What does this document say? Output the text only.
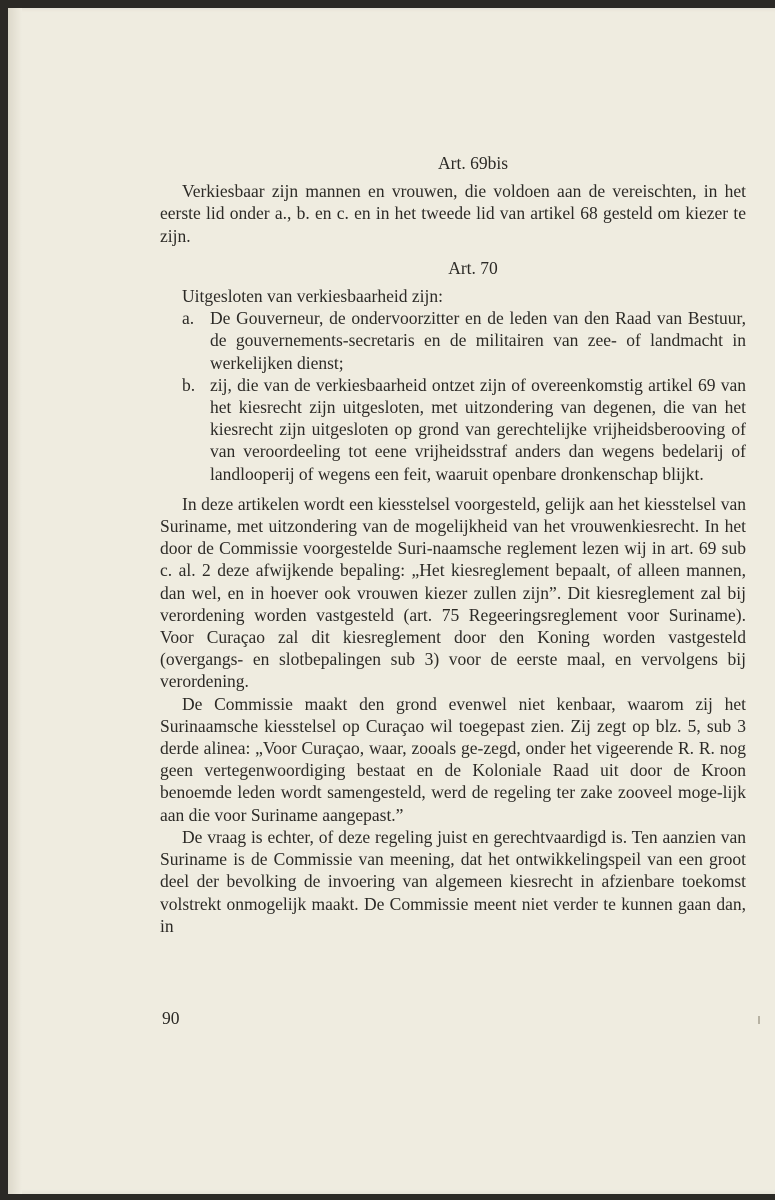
Art. 69bis

Verkiesbaar zijn mannen en vrouwen, die voldoen aan de vereischten, in het eerste lid onder a., b. en c. en in het tweede lid van artikel 68 gesteld om kiezer te zijn.

Art. 70

Uitgesloten van verkiesbaarheid zijn:

a. De Gouverneur, de ondervoorzitter en de leden van den Raad van Bestuur, de gouvernements-secretaris en de militairen van zee- of landmacht in werkelijken dienst;
b. zij, die van de verkiesbaarheid ontzet zijn of overeenkomstig artikel 69 van het kiesrecht zijn uitgesloten, met uitzondering van degenen, die van het kiesrecht zijn uitgesloten op grond van gerechtelijke vrijheidsberooving of van veroordeeling tot eene vrijheidsstraf anders dan wegens bedelarij of landlooperij of wegens een feit, waaruit openbare dronkenschap blijkt.

In deze artikelen wordt een kiesstelsel voorgesteld, gelijk aan het kiesstelsel van Suriname, met uitzondering van de mogelijkheid van het vrouwenkiesrecht. In het door de Commissie voorgestelde Suri-naamsche reglement lezen wij in art. 69 sub c. al. 2 deze afwijkende bepaling: „Het kiesreglement bepaalt, of alleen mannen, dan wel, en in hoever ook vrouwen kiezer zullen zijn”. Dit kiesreglement zal bij verordening worden vastgesteld (art. 75 Regeeringsreglement voor Suriname). Voor Curaçao zal dit kiesreglement door den Koning worden vastgesteld (overgangs- en slotbepalingen sub 3) voor de eerste maal, en vervolgens bij verordening.

De Commissie maakt den grond evenwel niet kenbaar, waarom zij het Surinaamsche kiesstelsel op Curaçao wil toegepast zien. Zij zegt op blz. 5, sub 3 derde alinea: „Voor Curaçao, waar, zooals ge-zegd, onder het vigeerende R. R. nog geen vertegenwoordiging bestaat en de Koloniale Raad uit door de Kroon benoemde leden wordt samengesteld, werd de regeling ter zake zooveel moge-lijk aan die voor Suriname aangepast.”

De vraag is echter, of deze regeling juist en gerechtvaardigd is. Ten aanzien van Suriname is de Commissie van meening, dat het ontwikkelingspeil van een groot deel der bevolking de invoering van algemeen kiesrecht in afzienbare toekomst volstrekt onmogelijk maakt. De Commissie meent niet verder te kunnen gaan dan, in

90
